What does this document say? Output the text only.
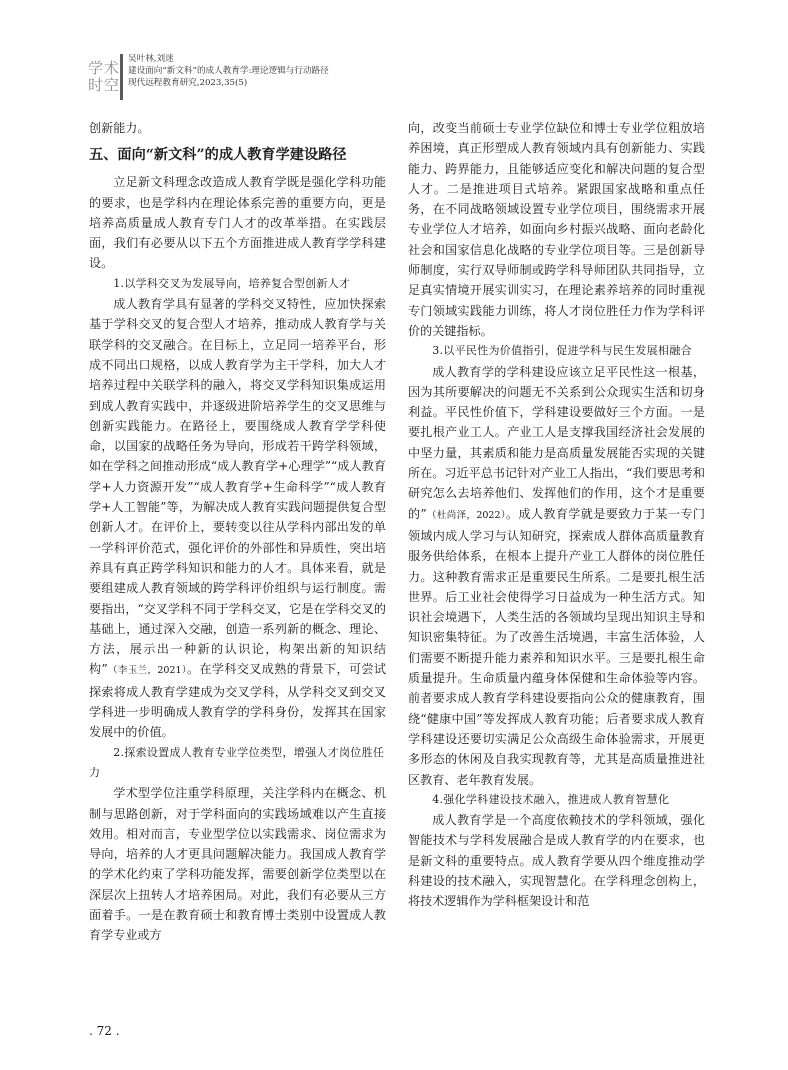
学术
时空
吴叶林,刘迷
建设面向“新文科”的成人教育学:理论逻辑与行动路径
现代远程教育研究,2023,35(5)

创新能力。

五、面向“新文科”的成人教育学建设路径

立足新文科理念改造成人教育学既是强化学科功能的要求，也是学科内在理论体系完善的重要方向，更是培养高质量成人教育专门人才的改革举措。在实践层面，我们有必要从以下五个方面推进成人教育学学科建设。

1.以学科交叉为发展导向，培养复合型创新人才

成人教育学具有显著的学科交叉特性，应加快探索基于学科交叉的复合型人才培养，推动成人教育学与关联学科的交叉融合。在目标上，立足同一培养平台，形成不同出口规格，以成人教育学为主干学科，加大人才培养过程中关联学科的融入，将交叉学科知识集成运用到成人教育实践中，并逐级进阶培养学生的交叉思维与创新实践能力。在路径上，要围绕成人教育学学科使命，以国家的战略任务为导向，形成若干跨学科领域，如在学科之间推动形成“成人教育学+心理学”“成人教育学+人力资源开发”“成人教育学+生命科学”“成人教育学+人工智能”等，为解决成人教育实践问题提供复合型创新人才。在评价上，要转变以往从学科内部出发的单一学科评价范式，强化评价的外部性和异质性，突出培养具有真正跨学科知识和能力的人才。具体来看，就是要组建成人教育领域的跨学科评价组织与运行制度。需要指出，“交叉学科不同于学科交叉，它是在学科交叉的基础上，通过深入交融，创造一系列新的概念、理论、方法，展示出一种新的认识论，构架出新的知识结构”（李玉兰，2021）。在学科交叉成熟的背景下，可尝试探索将成人教育学建成为交叉学科，从学科交叉到交叉学科进一步明确成人教育学的学科身份，发挥其在国家发展中的价值。

2.探索设置成人教育专业学位类型，增强人才岗位胜任力

学术型学位注重学科原理，关注学科内在概念、机制与思路创新，对于学科面向的实践场域难以产生直接效用。相对而言，专业型学位以实践需求、岗位需求为导向，培养的人才更具问题解决能力。我国成人教育学的学术化约束了学科功能发挥，需要创新学位类型以在深层次上扭转人才培养困局。对此，我们有必要从三方面着手。一是在教育硕士和教育博士类别中设置成人教育学专业或方

向，改变当前硕士专业学位缺位和博士专业学位粗放培养困境，真正形塑成人教育领域内具有创新能力、实践能力、跨界能力，且能够适应变化和解决问题的复合型人才。二是推进项目式培养。紧跟国家战略和重点任务，在不同战略领域设置专业学位项目，围绕需求开展专业学位人才培养，如面向乡村振兴战略、面向老龄化社会和国家信息化战略的专业学位项目等。三是创新导师制度，实行双导师制或跨学科导师团队共同指导，立足真实情境开展实训实习，在理论素养培养的同时重视专门领域实践能力训练，将人才岗位胜任力作为学科评价的关键指标。

3.以平民性为价值指引，促进学科与民生发展相融合

成人教育学的学科建设应该立足平民性这一根基，因为其所要解决的问题无不关系到公众现实生活和切身利益。平民性价值下，学科建设要做好三个方面。一是要扎根产业工人。产业工人是支撑我国经济社会发展的中坚力量，其素质和能力是高质量发展能否实现的关键所在。习近平总书记针对产业工人指出，“我们要思考和研究怎么去培养他们、发挥他们的作用，这个才是重要的”（杜尚泽，2022）。成人教育学就是要致力于某一专门领域内成人学习与认知研究，探索成人群体高质量教育服务供给体系，在根本上提升产业工人群体的岗位胜任力。这种教育需求正是重要民生所系。二是要扎根生活世界。后工业社会使得学习日益成为一种生活方式。知识社会境遇下，人类生活的各领域均呈现出知识主导和知识密集特征。为了改善生活境遇，丰富生活体验，人们需要不断提升能力素养和知识水平。三是要扎根生命质量提升。生命质量内蕴身体保健和生命体验等内容。前者要求成人教育学科建设要指向公众的健康教育，围绕“健康中国”等发挥成人教育功能；后者要求成人教育学科建设还要切实满足公众高级生命体验需求，开展更多形态的休闲及自我实现教育等，尤其是高质量推进社区教育、老年教育发展。

4.强化学科建设技术融入，推进成人教育智慧化

成人教育学是一个高度依赖技术的学科领域，强化智能技术与学科发展融合是成人教育学的内在要求，也是新文科的重要特点。成人教育学要从四个维度推动学科建设的技术融入，实现智慧化。在学科理念创构上，将技术逻辑作为学科框架设计和范

. 72 .
